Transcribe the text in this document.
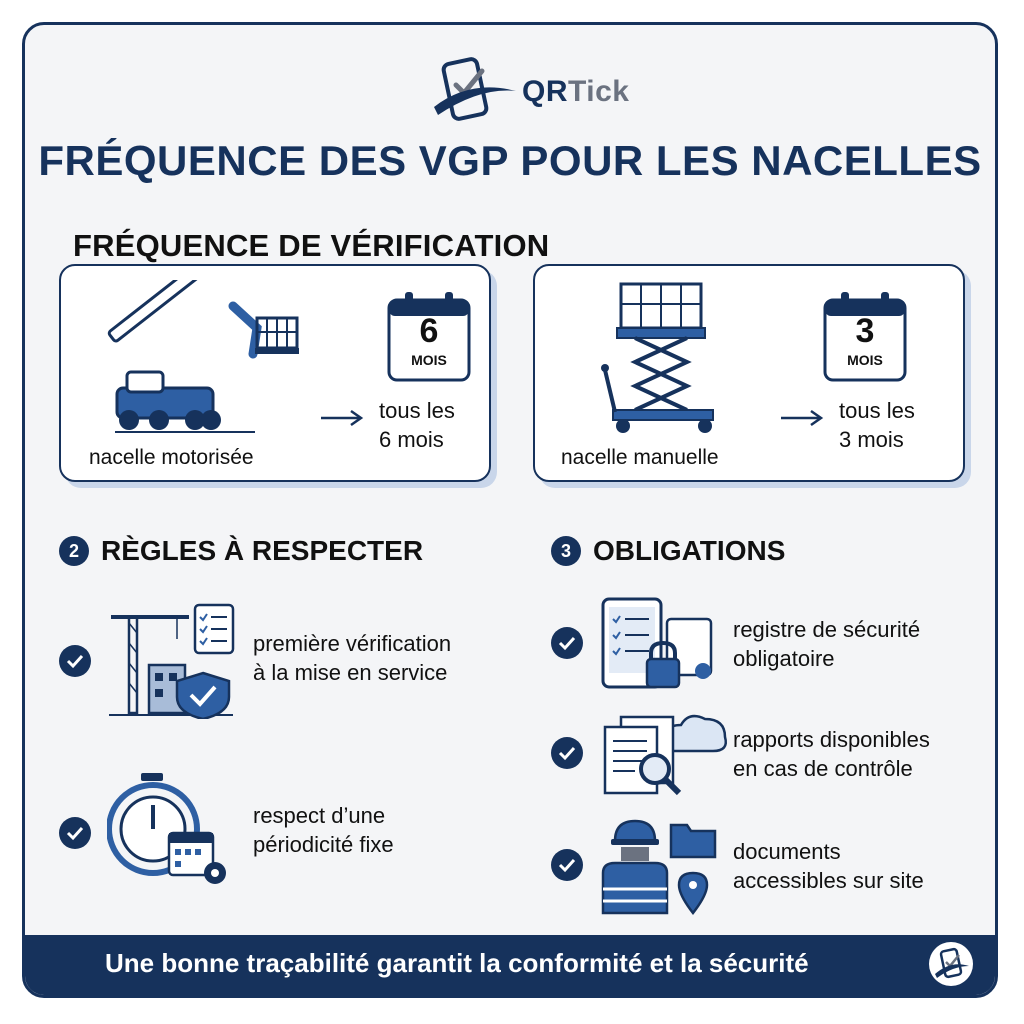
QRTick
FRÉQUENCE DES VGP POUR LES NACELLES
FRÉQUENCE DE VÉRIFICATION
nacelle motorisée
6
MOIS
tous les
6 mois
nacelle manuelle
3
MOIS
tous les
3 mois
2 RÈGLES À RESPECTER
première vérification
à la mise en service
respect d’une
périodicité fixe
3 OBLIGATIONS
registre de sécurité
obligatoire
rapports disponibles
en cas de contrôle
documents
accessibles sur site
Une bonne traçabilité garantit la conformité et la sécurité
